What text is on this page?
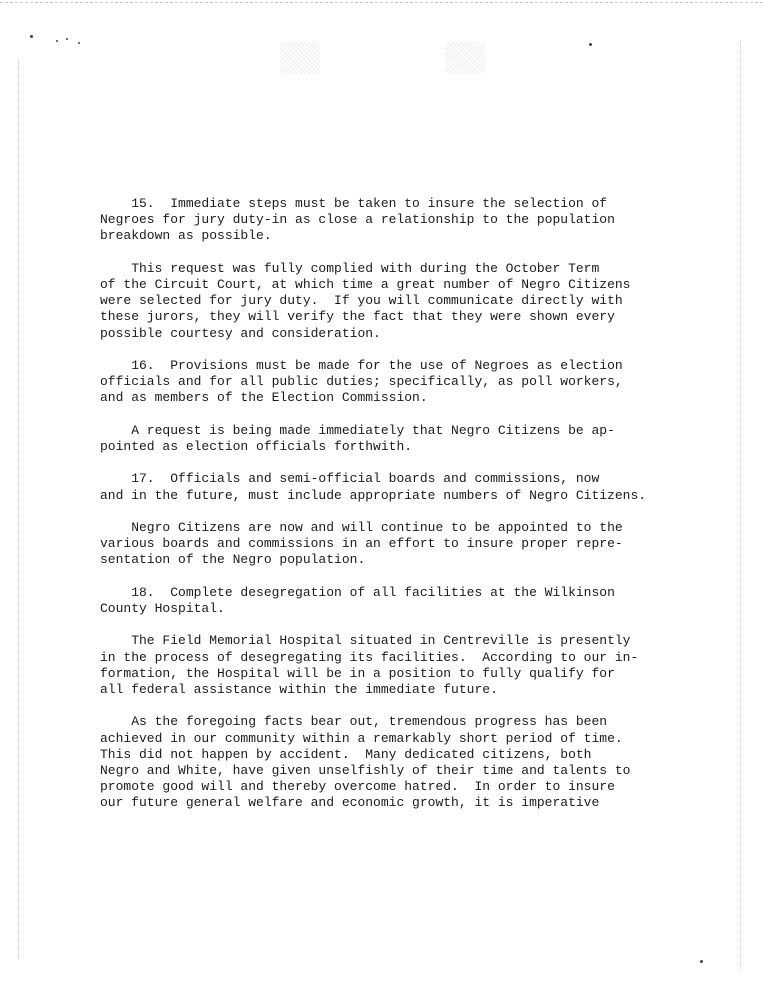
15.  Immediate steps must be taken to insure the selection of
Negroes for jury duty-in as close a relationship to the population
breakdown as possible.

This request was fully complied with during the October Term
of the Circuit Court, at which time a great number of Negro Citizens
were selected for jury duty.  If you will communicate directly with
these jurors, they will verify the fact that they were shown every
possible courtesy and consideration.

16.  Provisions must be made for the use of Negroes as election
officials and for all public duties; specifically, as poll workers,
and as members of the Election Commission.

A request is being made immediately that Negro Citizens be ap-
pointed as election officials forthwith.

17.  Officials and semi-official boards and commissions, now
and in the future, must include appropriate numbers of Negro Citizens.

Negro Citizens are now and will continue to be appointed to the
various boards and commissions in an effort to insure proper repre-
sentation of the Negro population.

18.  Complete desegregation of all facilities at the Wilkinson
County Hospital.

The Field Memorial Hospital situated in Centreville is presently
in the process of desegregating its facilities.  According to our in-
formation, the Hospital will be in a position to fully qualify for
all federal assistance within the immediate future.

As the foregoing facts bear out, tremendous progress has been
achieved in our community within a remarkably short period of time.
This did not happen by accident.  Many dedicated citizens, both
Negro and White, have given unselfishly of their time and talents to
promote good will and thereby overcome hatred.  In order to insure
our future general welfare and economic growth, it is imperative
